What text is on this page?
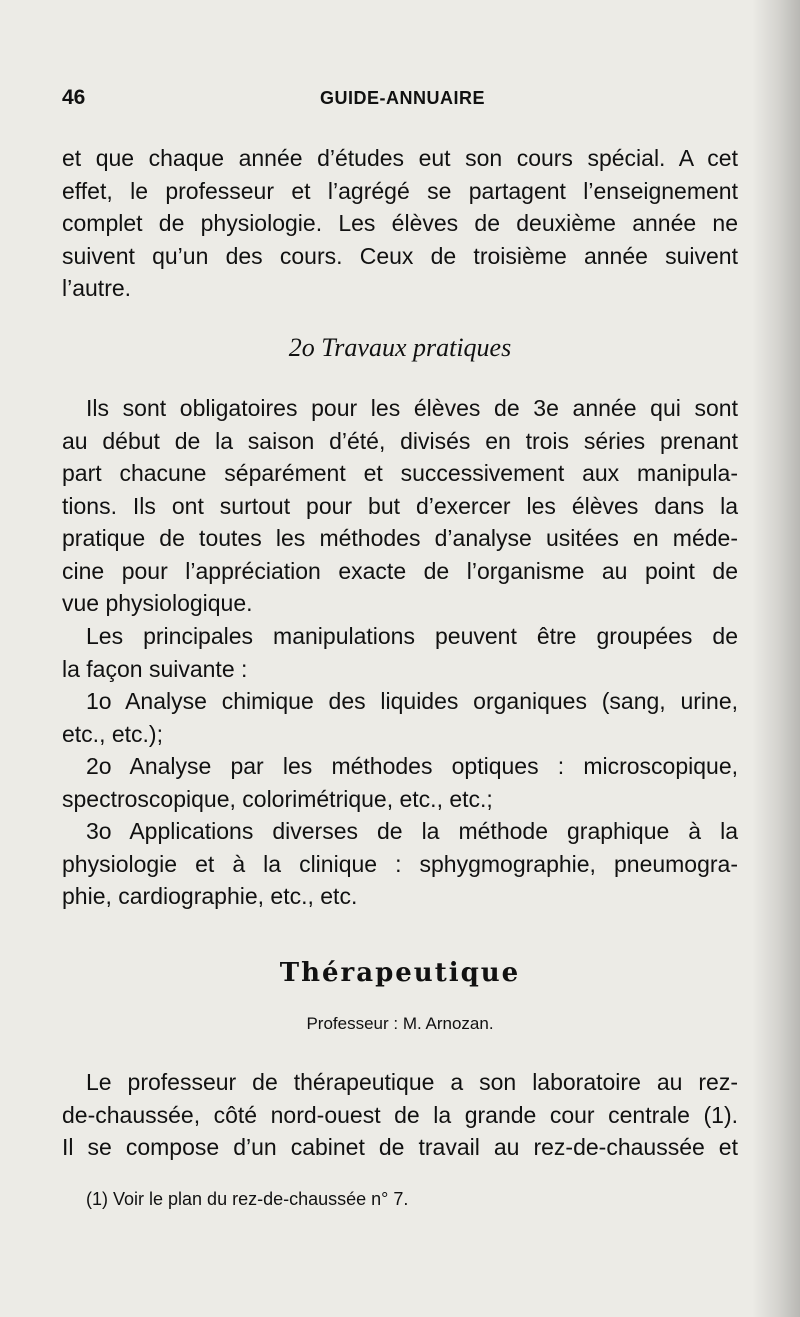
46	GUIDE-ANNUAIRE
et que chaque année d’études eut son cours spécial. A cet
effet, le professeur et l’agrégé se partagent l’enseignement
complet de physiologie. Les élèves de deuxième année ne
suivent qu’un des cours. Ceux de troisième année suivent
l’autre.
2o Travaux pratiques
Ils sont obligatoires pour les élèves de 3e année qui sont
au début de la saison d’été, divisés en trois séries prenant
part chacune séparément et successivement aux manipula-
tions. Ils ont surtout pour but d’exercer les élèves dans la
pratique de toutes les méthodes d’analyse usitées en méde-
cine pour l’appréciation exacte de l’organisme au point de
vue physiologique.
Les principales manipulations peuvent être groupées de
la façon suivante :
1o Analyse chimique des liquides organiques (sang, urine,
etc., etc.);
2o Analyse par les méthodes optiques : microscopique,
spectroscopique, colorimétrique, etc., etc.;
3o Applications diverses de la méthode graphique à la
physiologie et à la clinique : sphygmographie, pneumogra-
phie, cardiographie, etc., etc.
Thérapeutique
Professeur : M. Arnozan.
Le professeur de thérapeutique a son laboratoire au rez-
de-chaussée, côté nord-ouest de la grande cour centrale (1).
Il se compose d’un cabinet de travail au rez-de-chaussée et
(1) Voir le plan du rez-de-chaussée n° 7.
